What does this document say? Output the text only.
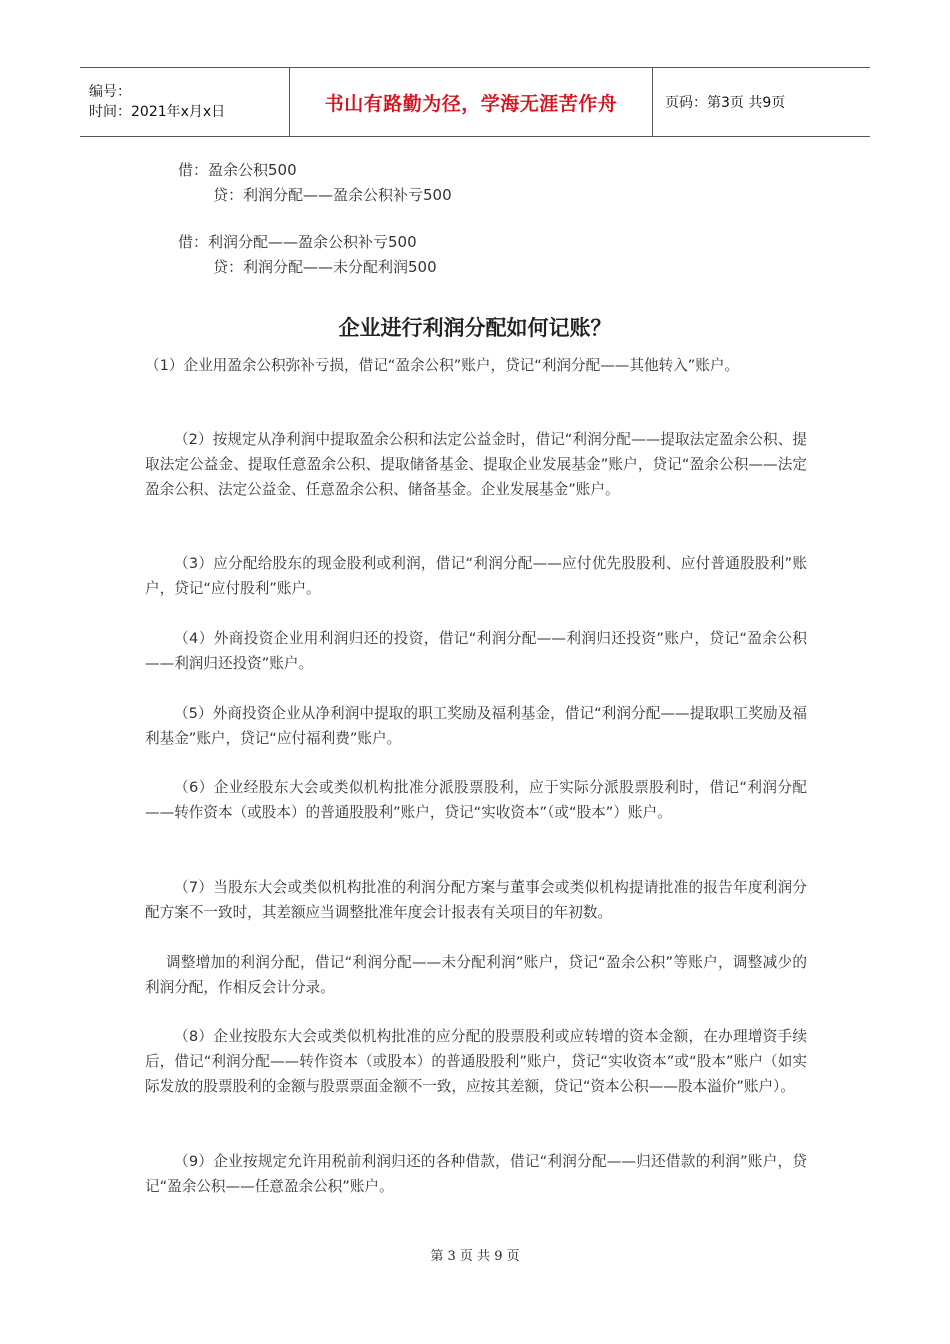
编号：
时间：2021年x月x日	书山有路勤为径，学海无涯苦作舟	页码：第3页 共9页
借：盈余公积500
贷：利润分配——盈余公积补亏500
借：利润分配——盈余公积补亏500
贷：利润分配——未分配利润500
企业进行利润分配如何记账？
（1）企业用盈余公积弥补亏损，借记“盈余公积”账户，贷记“利润分配——其他转入”账户。
（2）按规定从净利润中提取盈余公积和法定公益金时，借记“利润分配——提取法定盈余公积、提取法定公益金、提取任意盈余公积、提取储备基金、提取企业发展基金”账户，贷记“盈余公积——法定盈余公积、法定公益金、任意盈余公积、储备基金。企业发展基金”账户。
（3）应分配给股东的现金股利或利润，借记“利润分配——应付优先股股利、应付普通股股利”账户，贷记“应付股利”账户。
（4）外商投资企业用利润归还的投资，借记“利润分配——利润归还投资”账户，贷记“盈余公积——利润归还投资”账户。
（5）外商投资企业从净利润中提取的职工奖励及福利基金，借记“利润分配——提取职工奖励及福利基金”账户，贷记“应付福利费”账户。
（6）企业经股东大会或类似机构批准分派股票股利，应于实际分派股票股利时，借记“利润分配——转作资本（或股本）的普通股股利”账户，贷记“实收资本”（或“股本”）账户。
（7）当股东大会或类似机构批准的利润分配方案与董事会或类似机构提请批准的报告年度利润分配方案不一致时，其差额应当调整批准年度会计报表有关项目的年初数。
调整增加的利润分配，借记“利润分配——未分配利润”账户，贷记“盈余公积”等账户，调整减少的利润分配，作相反会计分录。
（8）企业按股东大会或类似机构批准的应分配的股票股利或应转增的资本金额，在办理增资手续后，借记“利润分配——转作资本（或股本）的普通股股利”账户，贷记“实收资本”或“股本”账户（如实际发放的股票股利的金额与股票票面金额不一致，应按其差额，贷记“资本公积——股本溢价”账户）。
（9）企业按规定允许用税前利润归还的各种借款，借记“利润分配——归还借款的利润”账户，贷记“盈余公积——任意盈余公积”账户。
第 3 页 共 9 页
